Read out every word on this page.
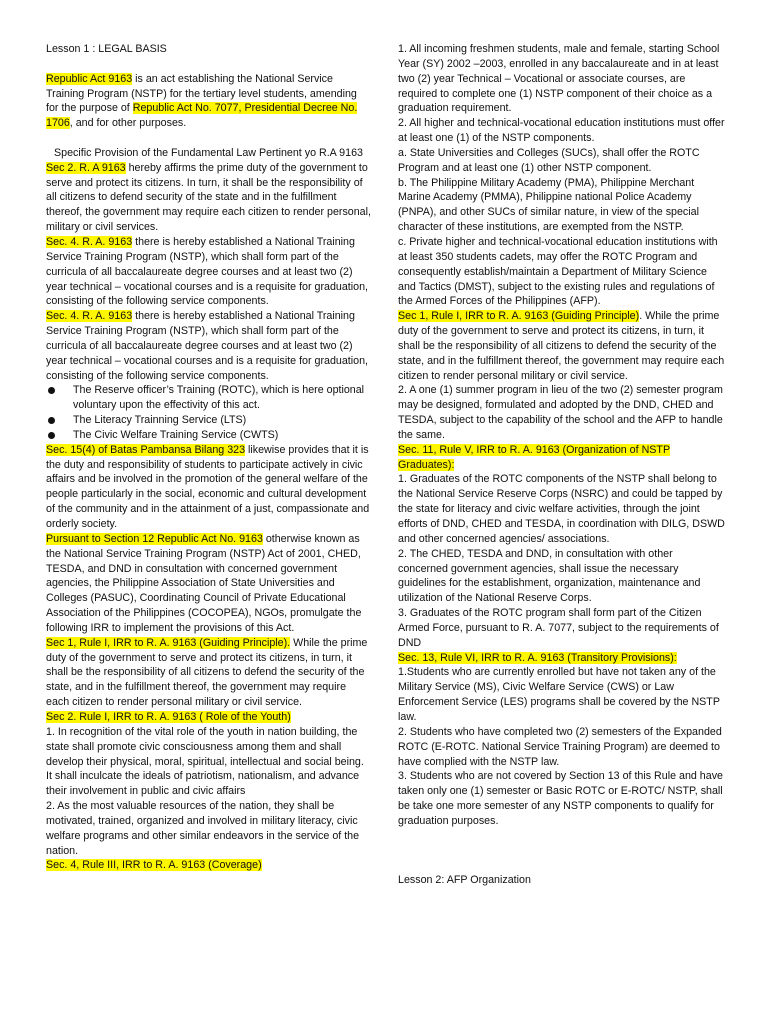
Lesson 1 : LEGAL BASIS

Republic Act 9163 is an act establishing the National Service Training Program (NSTP) for the tertiary level students, amending for the purpose of Republic Act No. 7077, Presidential Decree No. 1706, and for other purposes.

Specific Provision of the Fundamental Law Pertinent yo R.A 9163

Sec 2. R. A 9163 hereby affirms the prime duty of the government to serve and protect its citizens. In turn, it shall be the responsibility of all citizens to defend security of the state and in the fulfillment thereof, the government may require each citizen to render personal, military or civil services.

Sec. 4. R. A. 9163 there is hereby established a National Training Service Training Program (NSTP), which shall form part of the curricula of all baccalaureate degree courses and at least two (2) year technical – vocational courses and is a requisite for graduation, consisting of the following service components.

Sec. 4. R. A. 9163 there is hereby established a National Training Service Training Program (NSTP), which shall form part of the curricula of all baccalaureate degree courses and at least two (2) year technical – vocational courses and is a requisite for graduation, consisting of the following service components.

The Reserve officer’s Training (ROTC), which is here optional voluntary upon the effectivity of this act.
The Literacy Trainning Service (LTS)
The Civic Welfare Training Service (CWTS)

Sec. 15(4) of Batas Pambansa Bilang 323 likewise provides that it is the duty and responsibility of students to participate actively in civic affairs and be involved in the promotion of the general welfare of the people particularly in the social, economic and cultural development of the community and in the attainment of a just, compassionate and orderly society.

Pursuant to Section 12 Republic Act No. 9163 otherwise known as the National Service Training Program (NSTP) Act of 2001, CHED, TESDA, and DND in consultation with concerned government agencies, the Philippine Association of State Universities and Colleges (PASUC), Coordinating Council of Private Educational Association of the Philippines (COCOPEA), NGOs, promulgate the following IRR to implement the provisions of this Act.

Sec 1, Rule I, IRR to R. A. 9163 (Guiding Principle). While the prime duty of the government to serve and protect its citizens, in turn, it shall be the responsibility of all citizens to defend the security of the state, and in the fulfillment thereof, the government may require each citizen to render personal military or civil service.

Sec 2. Rule I, IRR to R. A. 9163 ( Role of the Youth)

1. In recognition of the vital role of the youth in nation building, the state shall promote civic consciousness among them and shall develop their physical, moral, spiritual, intellectual and social being. It shall inculcate the ideals of patriotism, nationalism, and advance their involvement in public and civic affairs

2. As the most valuable resources of the nation, they shall be motivated, trained, organized and involved in military literacy, civic welfare programs and other similar endeavors in the service of the nation.

Sec. 4, Rule III, IRR to R. A. 9163 (Coverage)

1. All incoming freshmen students, male and female, starting School Year (SY) 2002 –2003, enrolled in any baccalaureate and in at least two (2) year Technical – Vocational or associate courses, are required to complete one (1) NSTP component of their choice as a graduation requirement.

2. All higher and technical-vocational education institutions must offer at least one (1) of the NSTP components.

a. State Universities and Colleges (SUCs), shall offer the ROTC Program and at least one (1) other NSTP component.

b. The Philippine Military Academy (PMA), Philippine Merchant Marine Academy (PMMA), Philippine national Police Academy (PNPA), and other SUCs of similar nature, in view of the special character of these institutions, are exempted from the NSTP.

c. Private higher and technical-vocational education institutions with at least 350 students cadets, may offer the ROTC Program and consequently establish/maintain a Department of Military Science and Tactics (DMST), subject to the existing rules and regulations of the Armed Forces of the Philippines (AFP).

Sec 1, Rule I, IRR to R. A. 9163 (Guiding Principle). While the prime duty of the government to serve and protect its citizens, in turn, it shall be the responsibility of all citizens to defend the security of the state, and in the fulfillment thereof, the government may require each citizen to render personal military or civil service.

2. A one (1) summer program in lieu of the two (2) semester program may be designed, formulated and adopted by the DND, CHED and TESDA, subject to the capability of the school and the AFP to handle the same.

Sec. 11, Rule V, IRR to R. A. 9163 (Organization of NSTP Graduates):

1. Graduates of the ROTC components of the NSTP shall belong to the National Service Reserve Corps (NSRC) and could be tapped by the state for literacy and civic welfare activities, through the joint efforts of DND, CHED and TESDA, in coordination with DILG, DSWD and other concerned agencies/ associations.

2. The CHED, TESDA and DND, in consultation with other concerned government agencies, shall issue the necessary guidelines for the establishment, organization, maintenance and utilization of the National Reserve Corps.

3. Graduates of the ROTC program shall form part of the Citizen Armed Force, pursuant to R. A. 7077, subject to the requirements of DND

Sec. 13, Rule VI, IRR to R. A. 9163 (Transitory Provisions):

1.Students who are currently enrolled but have not taken any of the Military Service (MS), Civic Welfare Service (CWS) or Law Enforcement Service (LES) programs shall be covered by the NSTP law.

2. Students who have completed two (2) semesters of the Expanded ROTC (E-ROTC. National Service Training Program) are deemed to have complied with the NSTP law.

3. Students who are not covered by Section 13 of this Rule and have taken only one (1) semester or Basic ROTC or E-ROTC/ NSTP, shall be take one more semester of any NSTP components to qualify for graduation purposes.

Lesson 2: AFP Organization
